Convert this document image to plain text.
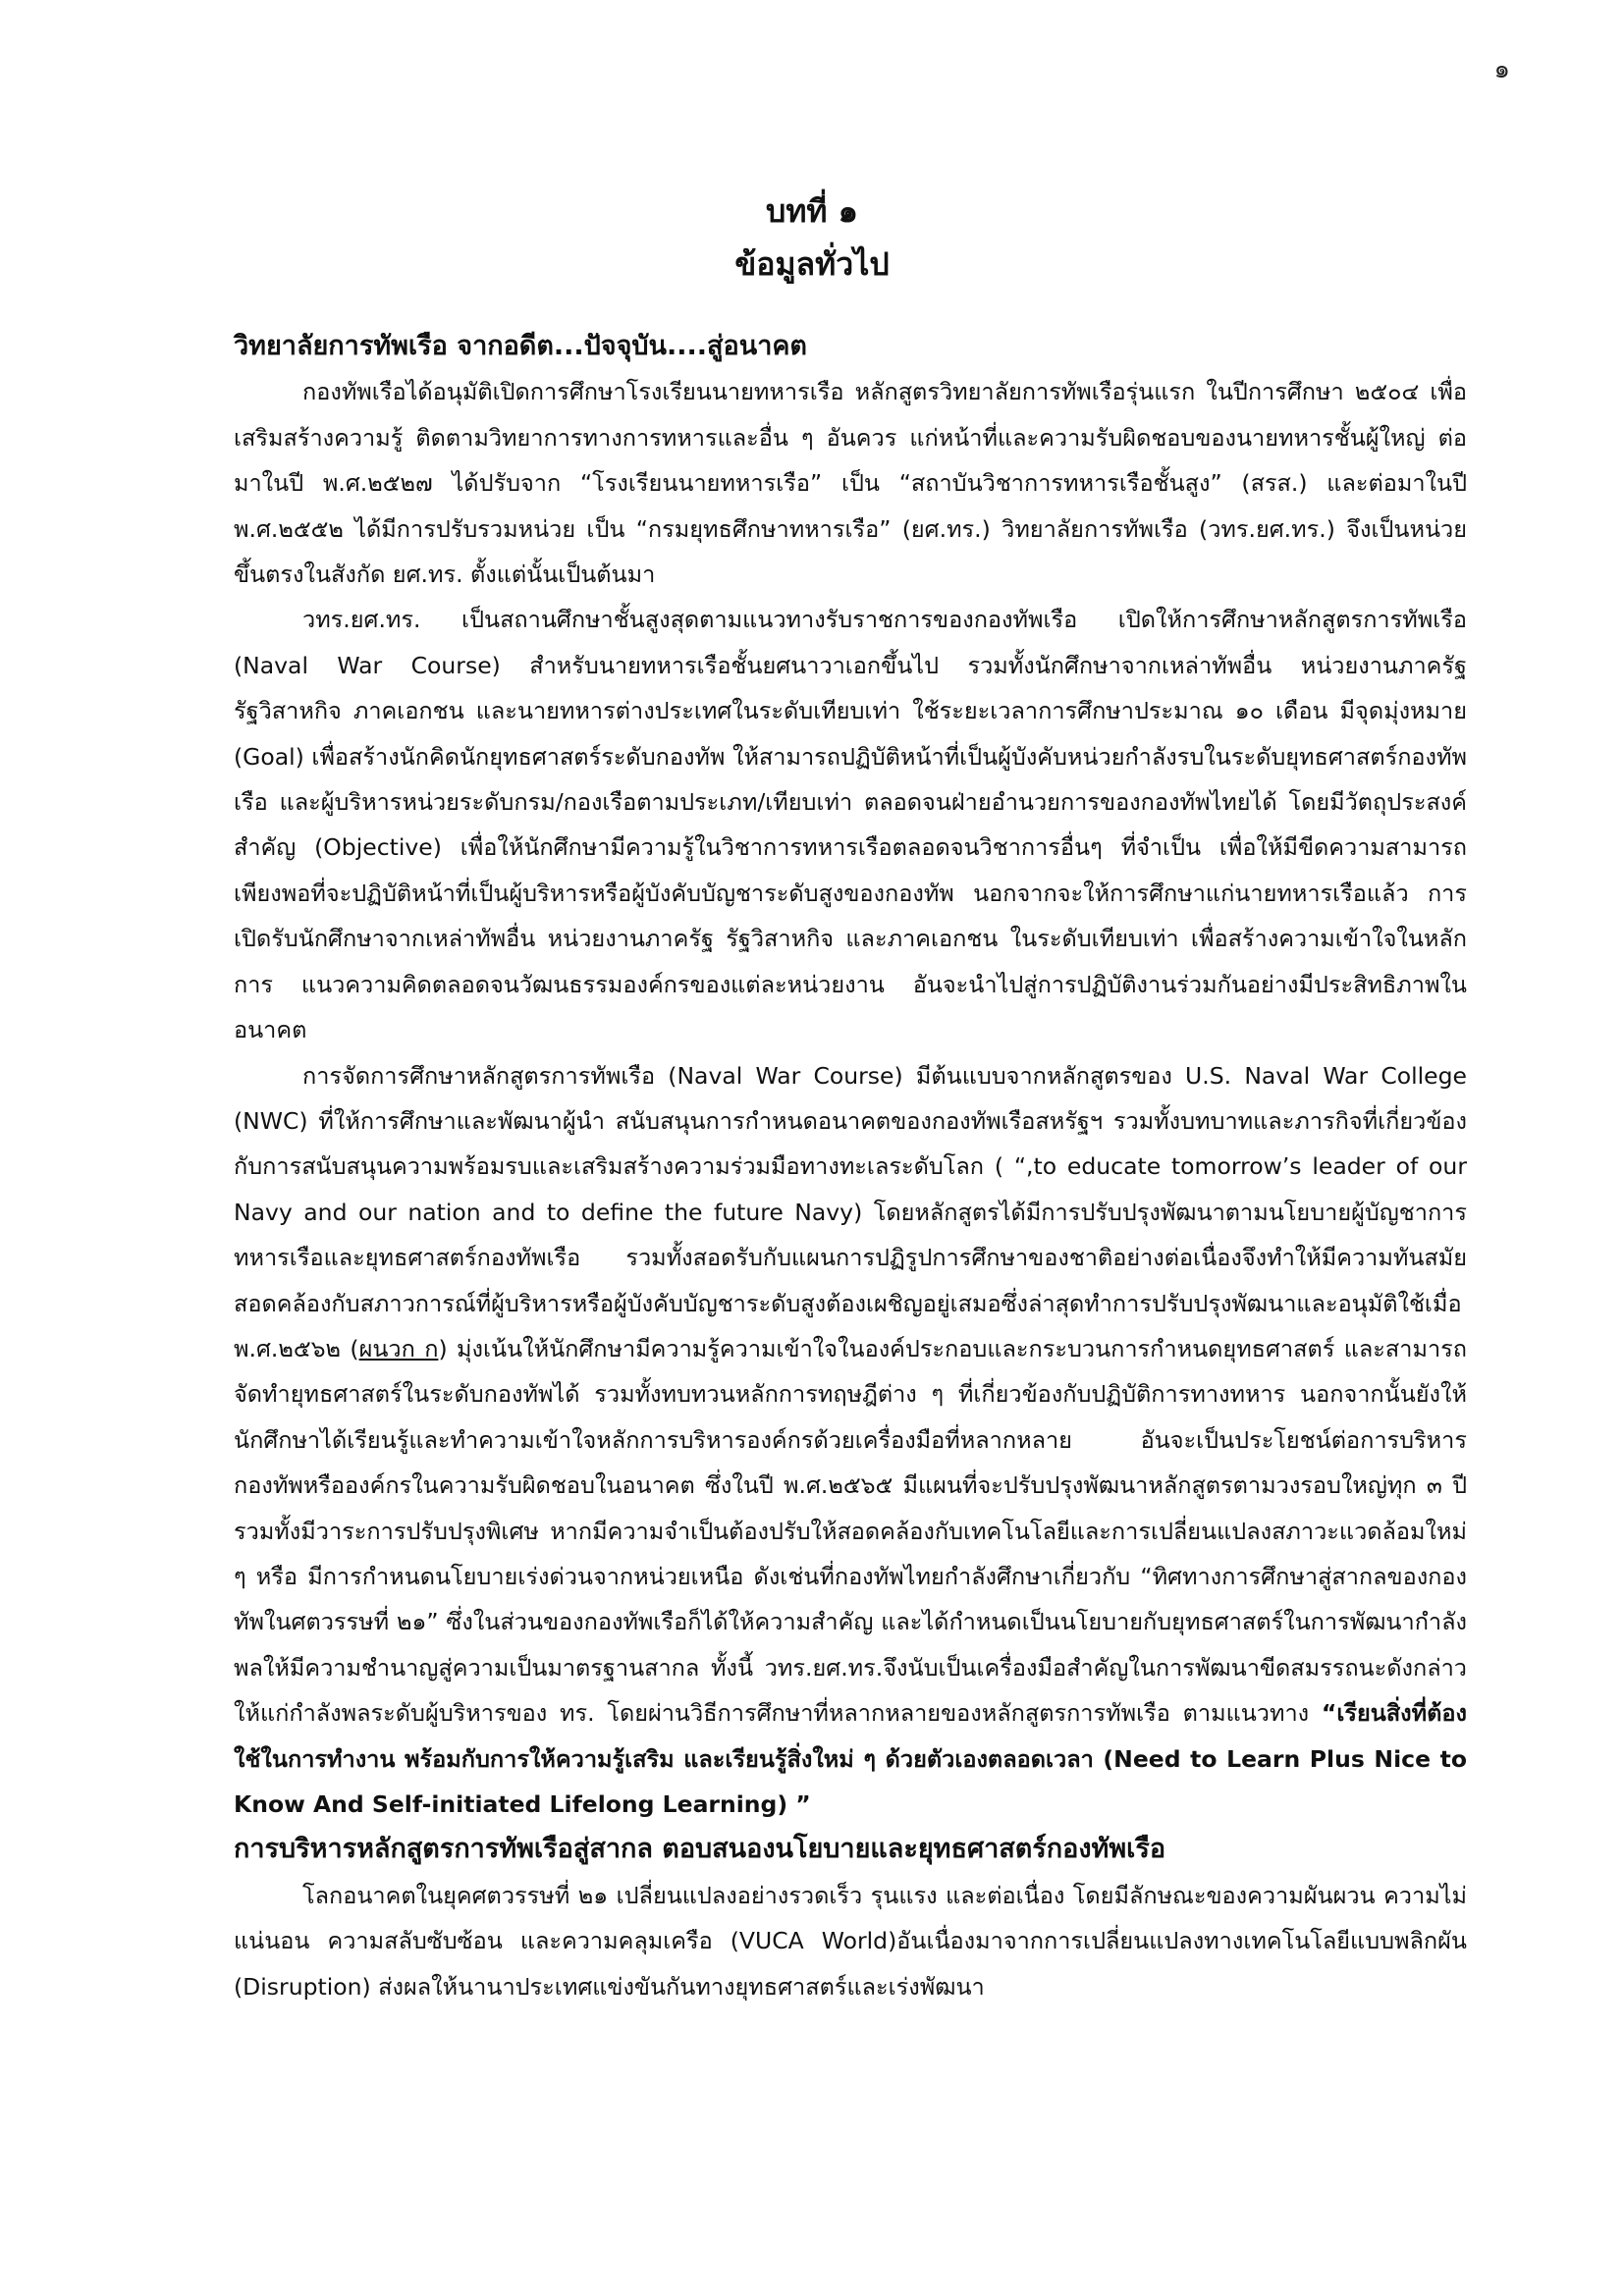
๑
บทที่ ๑
ข้อมูลทั่วไป
วิทยาลัยการทัพเรือ จากอดีต...ปัจจุบัน....สู่อนาคต

กองทัพเรือได้อนุมัติเปิดการศึกษาโรงเรียนนายทหารเรือ หลักสูตรวิทยาลัยการทัพเรือรุ่นแรก ในปีการศึกษา ๒๕๐๔ เพื่อเสริมสร้างความรู้ ติดตามวิทยาการทางการทหารและอื่น ๆ อันควร แก่หน้าที่และความรับผิดชอบของนายทหารชั้นผู้ใหญ่ ต่อมาในปี พ.ศ.๒๕๒๗ ได้ปรับจาก “โรงเรียนนายทหารเรือ” เป็น “สถาบันวิชาการทหารเรือชั้นสูง” (สรส.) และต่อมาในปี พ.ศ.๒๕๕๒ ได้มีการปรับรวมหน่วย เป็น “กรมยุทธศึกษาทหารเรือ” (ยศ.ทร.) วิทยาลัยการทัพเรือ (วทร.ยศ.ทร.) จึงเป็นหน่วยขึ้นตรงในสังกัด ยศ.ทร. ตั้งแต่นั้นเป็นต้นมา

วทร.ยศ.ทร. เป็นสถานศึกษาชั้นสูงสุดตามแนวทางรับราชการของกองทัพเรือ เปิดให้การศึกษาหลักสูตรการทัพเรือ (Naval War Course) สำหรับนายทหารเรือชั้นยศนาวาเอกขึ้นไป รวมทั้งนักศึกษาจากเหล่าทัพอื่น หน่วยงานภาครัฐ รัฐวิสาหกิจ ภาคเอกชน และนายทหารต่างประเทศในระดับเทียบเท่า ใช้ระยะเวลาการศึกษาประมาณ ๑๐ เดือน มีจุดมุ่งหมาย (Goal) เพื่อสร้างนักคิดนักยุทธศาสตร์ระดับกองทัพ ให้สามารถปฏิบัติหน้าที่เป็นผู้บังคับหน่วยกำลังรบในระดับยุทธศาสตร์กองทัพเรือ และผู้บริหารหน่วยระดับกรม/กองเรือตามประเภท/เทียบเท่า ตลอดจนฝ่ายอำนวยการของกองทัพไทยได้ โดยมีวัตถุประสงค์สำคัญ (Objective) เพื่อให้นักศึกษามีความรู้ในวิชาการทหารเรือตลอดจนวิชาการอื่นๆ ที่จำเป็น เพื่อให้มีขีดความสามารถเพียงพอที่จะปฏิบัติหน้าที่เป็นผู้บริหารหรือผู้บังคับบัญชาระดับสูงของกองทัพ นอกจากจะให้การศึกษาแก่นายทหารเรือแล้ว การเปิดรับนักศึกษาจากเหล่าทัพอื่น หน่วยงานภาครัฐ รัฐวิสาหกิจ และภาคเอกชน ในระดับเทียบเท่า เพื่อสร้างความเข้าใจในหลักการ แนวความคิดตลอดจนวัฒนธรรมองค์กรของแต่ละหน่วยงาน อันจะนำไปสู่การปฏิบัติงานร่วมกันอย่างมีประสิทธิภาพในอนาคต

การจัดการศึกษาหลักสูตรการทัพเรือ (Naval War Course) มีต้นแบบจากหลักสูตรของ U.S. Naval War College (NWC) ที่ให้การศึกษาและพัฒนาผู้นำ สนับสนุนการกำหนดอนาคตของกองทัพเรือสหรัฐฯ รวมทั้งบทบาทและภารกิจที่เกี่ยวข้องกับการสนับสนุนความพร้อมรบและเสริมสร้างความร่วมมือทางทะเลระดับโลก ( “,to educate tomorrow’s leader of our Navy and our nation and to define the future Navy) โดยหลักสูตรได้มีการปรับปรุงพัฒนาตามนโยบายผู้บัญชาการทหารเรือและยุทธศาสตร์กองทัพเรือ รวมทั้งสอดรับกับแผนการปฏิรูปการศึกษาของชาติอย่างต่อเนื่องจึงทำให้มีความทันสมัย สอดคล้องกับสภาวการณ์ที่ผู้บริหารหรือผู้บังคับบัญชาระดับสูงต้องเผชิญอยู่เสมอซึ่งล่าสุดทำการปรับปรุงพัฒนาและอนุมัติใช้เมื่อ พ.ศ.๒๕๖๒ (ผนวก ก) มุ่งเน้นให้นักศึกษามีความรู้ความเข้าใจในองค์ประกอบและกระบวนการกำหนดยุทธศาสตร์ และสามารถจัดทำยุทธศาสตร์ในระดับกองทัพได้ รวมทั้งทบทวนหลักการทฤษฎีต่าง ๆ ที่เกี่ยวข้องกับปฏิบัติการทางทหาร นอกจากนั้นยังให้นักศึกษาได้เรียนรู้และทำความเข้าใจหลักการบริหารองค์กรด้วยเครื่องมือที่หลากหลาย อันจะเป็นประโยชน์ต่อการบริหารกองทัพหรือองค์กรในความรับผิดชอบในอนาคต ซึ่งในปี พ.ศ.๒๕๖๕ มีแผนที่จะปรับปรุงพัฒนาหลักสูตรตามวงรอบใหญ่ทุก ๓ ปี รวมทั้งมีวาระการปรับปรุงพิเศษ หากมีความจำเป็นต้องปรับให้สอดคล้องกับเทคโนโลยีและการเปลี่ยนแปลงสภาวะแวดล้อมใหม่ ๆ หรือ มีการกำหนดนโยบายเร่งด่วนจากหน่วยเหนือ ดังเช่นที่กองทัพไทยกำลังศึกษาเกี่ยวกับ “ทิศทางการศึกษาสู่สากลของกองทัพในศตวรรษที่ ๒๑” ซึ่งในส่วนของกองทัพเรือก็ได้ให้ความสำคัญ และได้กำหนดเป็นนโยบายกับยุทธศาสตร์ในการพัฒนากำลังพลให้มีความชำนาญสู่ความเป็นมาตรฐานสากล ทั้งนี้ วทร.ยศ.ทร.จึงนับเป็นเครื่องมือสำคัญในการพัฒนาขีดสมรรถนะดังกล่าวให้แก่กำลังพลระดับผู้บริหารของ ทร. โดยผ่านวิธีการศึกษาที่หลากหลายของหลักสูตรการทัพเรือ ตามแนวทาง “เรียนสิ่งที่ต้องใช้ในการทำงาน พร้อมกับการให้ความรู้เสริม และเรียนรู้สิ่งใหม่ ๆ ด้วยตัวเองตลอดเวลา (Need to Learn Plus Nice to Know And Self-initiated Lifelong Learning) ”

การบริหารหลักสูตรการทัพเรือสู่สากล ตอบสนองนโยบายและยุทธศาสตร์กองทัพเรือ

โลกอนาคตในยุคศตวรรษที่ ๒๑ เปลี่ยนแปลงอย่างรวดเร็ว รุนแรง และต่อเนื่อง โดยมีลักษณะของความผันผวน ความไม่แน่นอน ความสลับซับซ้อน และความคลุมเครือ (VUCA World)อันเนื่องมาจากการเปลี่ยนแปลงทางเทคโนโลยีแบบพลิกผัน (Disruption) ส่งผลให้นานาประเทศแข่งขันกันทางยุทธศาสตร์และเร่งพัฒนา
